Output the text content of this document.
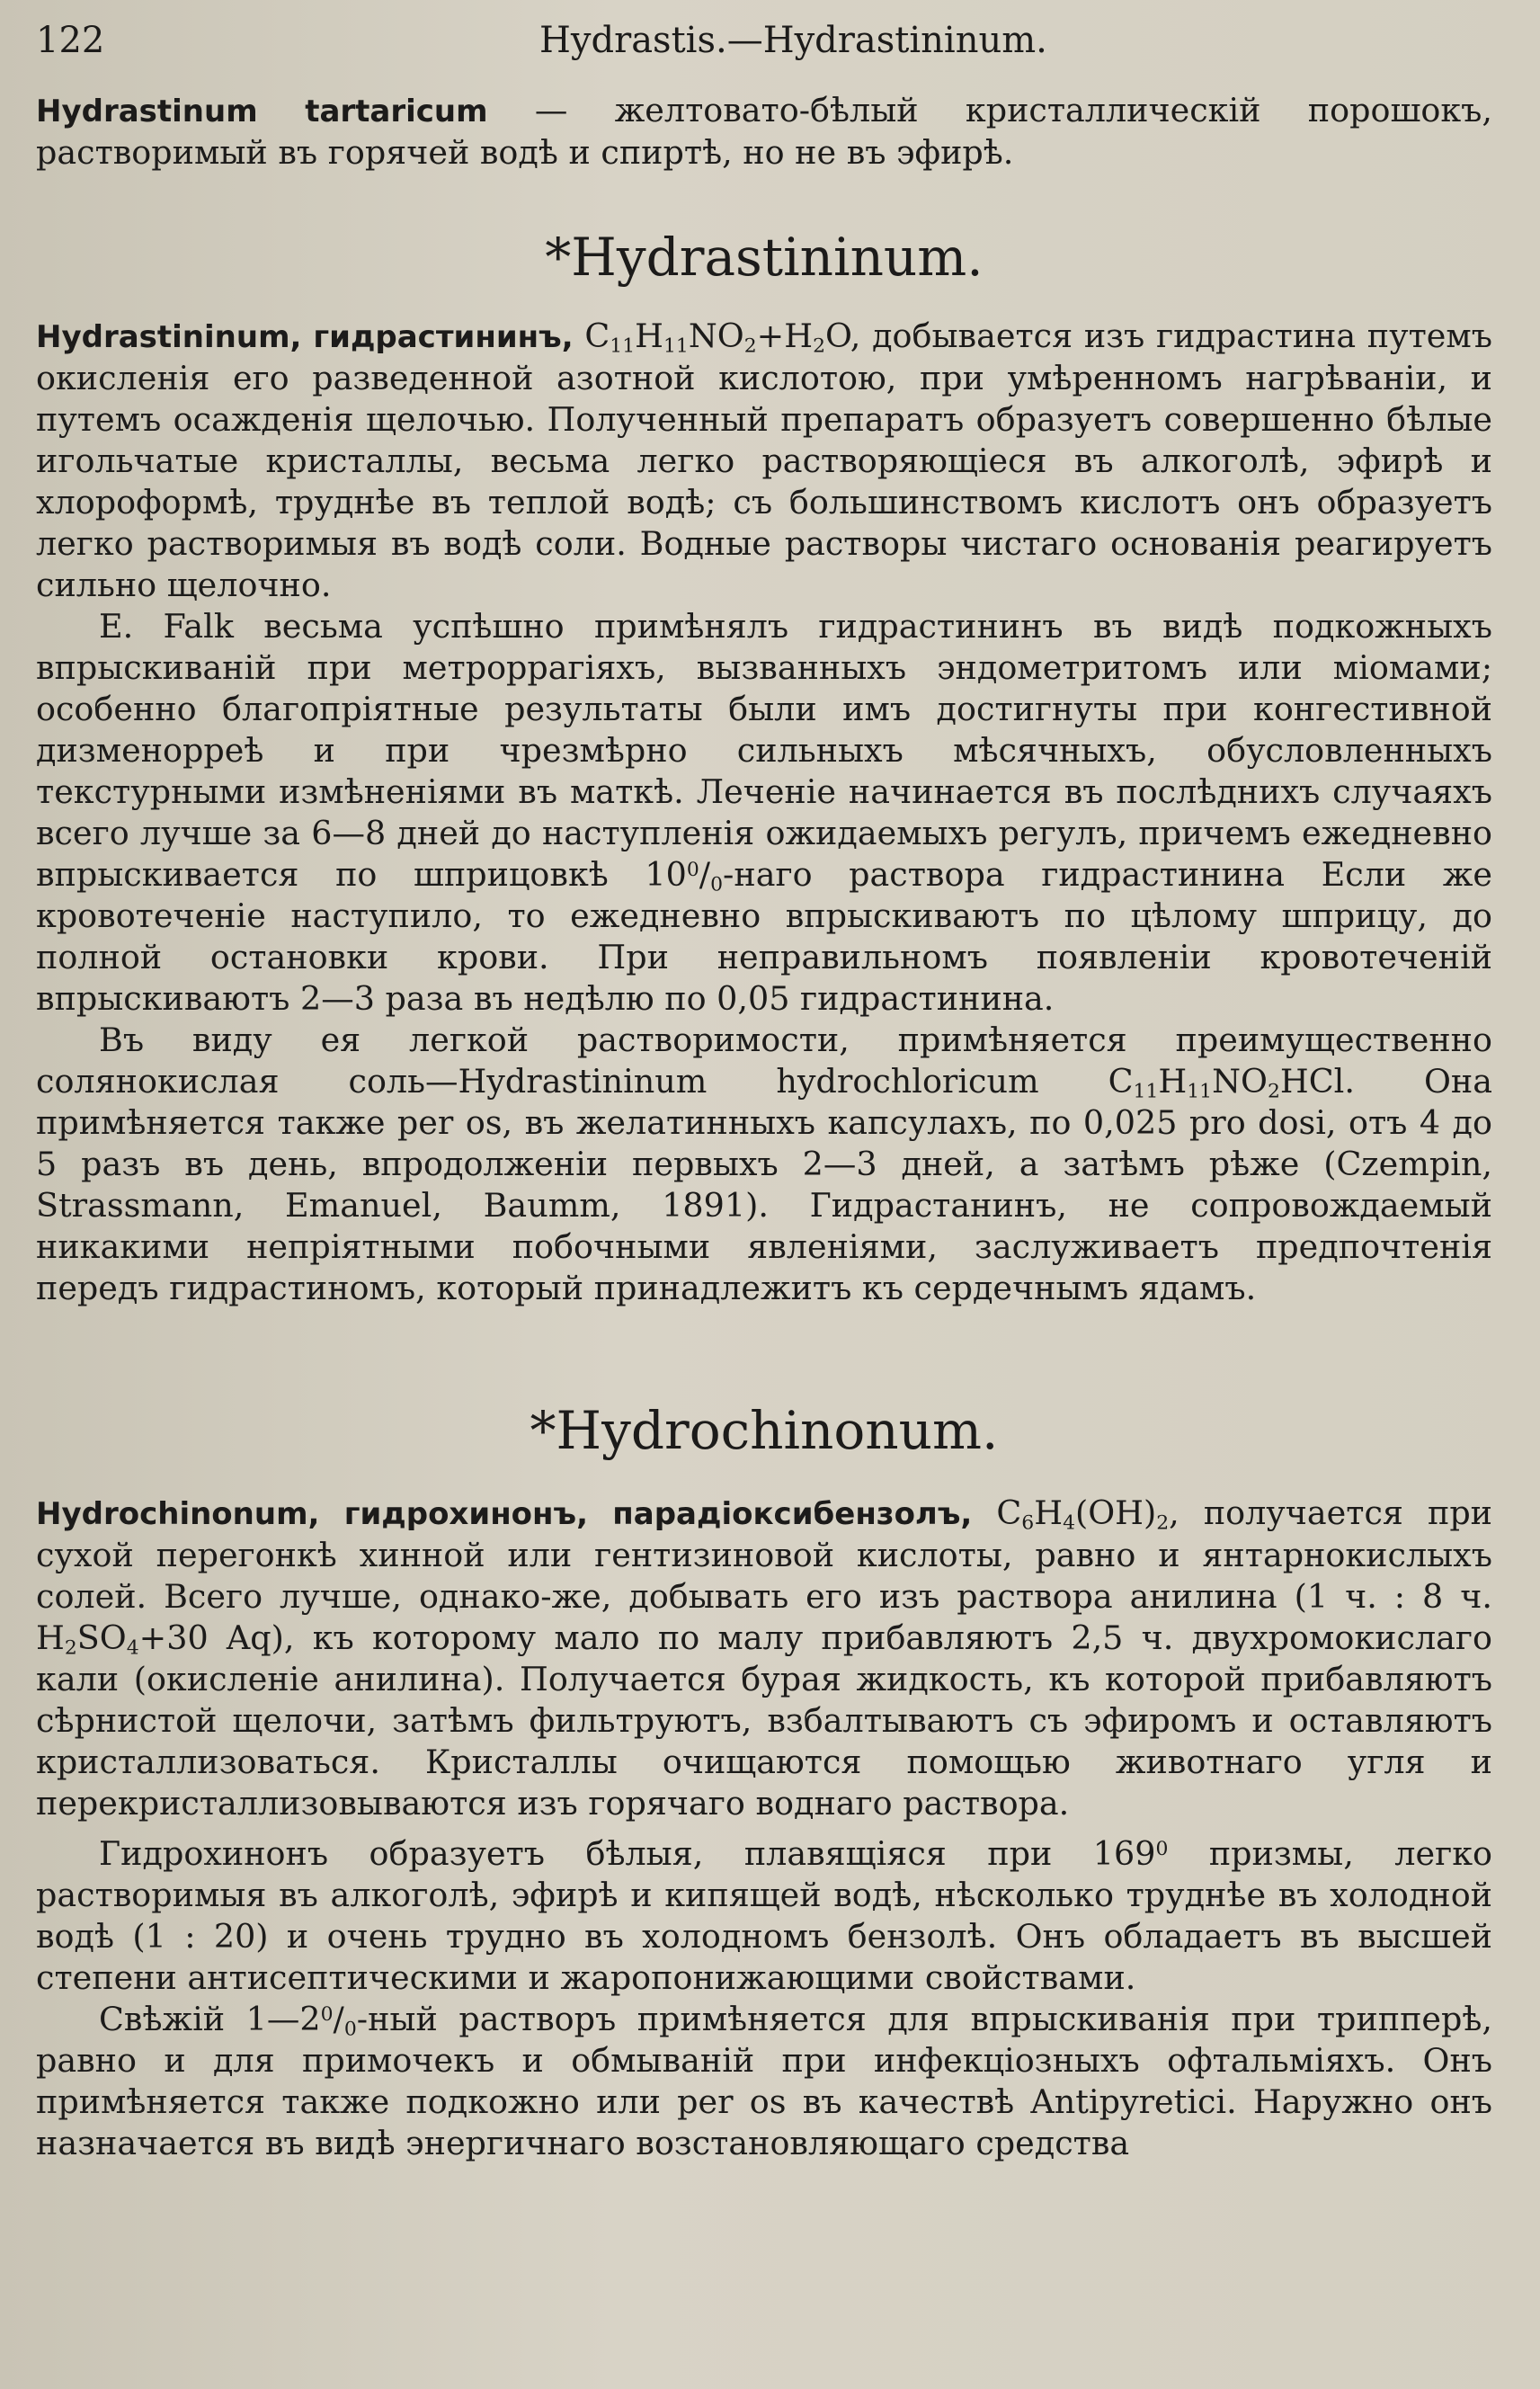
122	Hydrastis.—Hydrastininum.

Hydrastinum tartaricum — желтовато-бѣлый кристаллическій порошокъ, растворимый въ горячей водѣ и спиртѣ, но не въ эфирѣ.

*Hydrastininum.

Hydrastininum, гидрастининъ, $C_{11}H_{11}NO_2+H_2O$, добывается изъ гидрастина путемъ окисленія его разведенной азотной кислотою, при умѣренномъ нагрѣваніи, и путемъ осажденія щелочью. Полученный препаратъ образуетъ совершенно бѣлые игольчатые кристаллы, весьма легко растворяющіеся въ алкоголѣ, эфирѣ и хлороформѣ, труднѣе въ теплой водѣ; съ большинствомъ кислотъ онъ образуетъ легко растворимыя въ водѣ соли. Водные растворы чистаго основанія реагируетъ сильно щелочно.

E. Falk весьма успѣшно примѣнялъ гидрастининъ въ видѣ подкожныхъ впрыскиваній при метроррагіяхъ, вызванныхъ эндометритомъ или міомами; особенно благопріятные результаты были имъ достигнуты при конгестивной дизменорреѣ и при чрезмѣрно сильныхъ мѣсячныхъ, обусловленныхъ текстурными измѣненіями въ маткѣ. Леченіе начинается въ послѣднихъ случаяхъ всего лучше за 6—8 дней до наступленія ожидаемыхъ регулъ, причемъ ежедневно впрыскивается по шприцовкѣ $10^0/_0$-наго раствора гидрастинина Если же кровотеченіе наступило, то ежедневно впрыскиваютъ по цѣлому шприцу, до полной остановки крови. При неправильномъ появленіи кровотеченій впрыскиваютъ 2—3 раза въ недѣлю по 0,05 гидрастинина.

Въ виду ея легкой растворимости, примѣняется преимущественно солянокислая соль—Hydrastininum hydrochloricum $C_{11}H_{11}NO_2HCl$. Она примѣняется также per os, въ желатинныхъ капсулахъ, по 0,025 pro dosi, отъ 4 до 5 разъ въ день, впродолженіи первыхъ 2—3 дней, а затѣмъ рѣже (Czempin, Strassmann, Emanuel, Baumm, 1891). Гидрастанинъ, не сопровождаемый никакими непріятными побочными явленіями, заслуживаетъ предпочтенія передъ гидрастиномъ, который принадлежитъ къ сердечнымъ ядамъ.

*Hydrochinonum.

Hydrochinonum, гидрохинонъ, парадіоксибензолъ, $C_6H_4(OH)_2$, получается при сухой перегонкѣ хинной или гентизиновой кислоты, равно и янтарнокислыхъ солей. Всего лучше, однако-же, добывать его изъ раствора анилина (1 ч. : 8 ч. $H_2SO_4+30$ Aq), къ которому мало по малу прибавляютъ 2,5 ч. двухромокислаго кали (окисленіе анилина). Получается бурая жидкость, къ которой прибавляютъ сѣрнистой щелочи, затѣмъ фильтруютъ, взбалтываютъ съ эфиромъ и оставляютъ кристаллизоваться. Кристаллы очищаются помощью животнаго угля и перекристаллизовываются изъ горячаго воднаго раствора.

Гидрохинонъ образуетъ бѣлыя, плавящіяся при $169^0$ призмы, легко растворимыя въ алкоголѣ, эфирѣ и кипящей водѣ, нѣсколько труднѣе въ холодной водѣ (1 : 20) и очень трудно въ холодномъ бензолѣ. Онъ обладаетъ въ высшей степени антисептическими и жаропонижающими свойствами.

Свѣжій $1—2^0/_0$-ный растворъ примѣняется для впрыскиванія при трипперѣ, равно и для примочекъ и обмываній при инфекціозныхъ офтальміяхъ. Онъ примѣняется также подкожно или per os въ качествѣ Antipyretici. Наружно онъ назначается въ видѣ энергичнаго возстановляющаго средства
